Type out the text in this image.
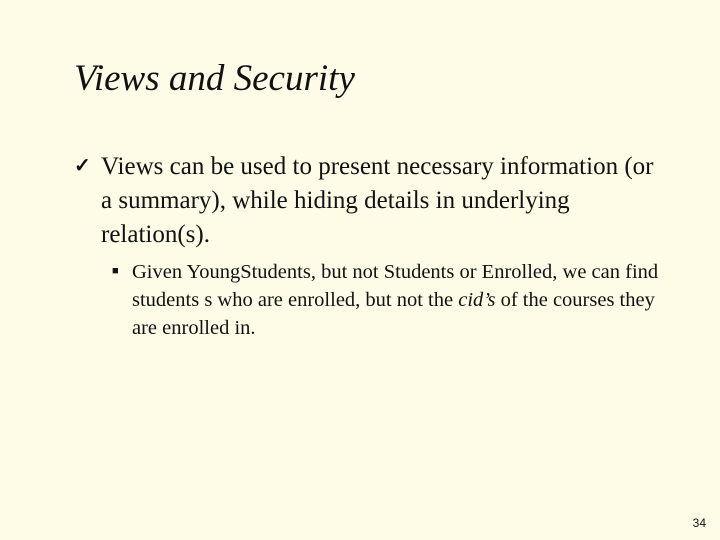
Views and Security
✓ Views can be used to present necessary information (or a summary), while hiding details in underlying relation(s).
■ Given YoungStudents, but not Students or Enrolled, we can find students s who are enrolled, but not the cid’s of the courses they are enrolled in.
34
